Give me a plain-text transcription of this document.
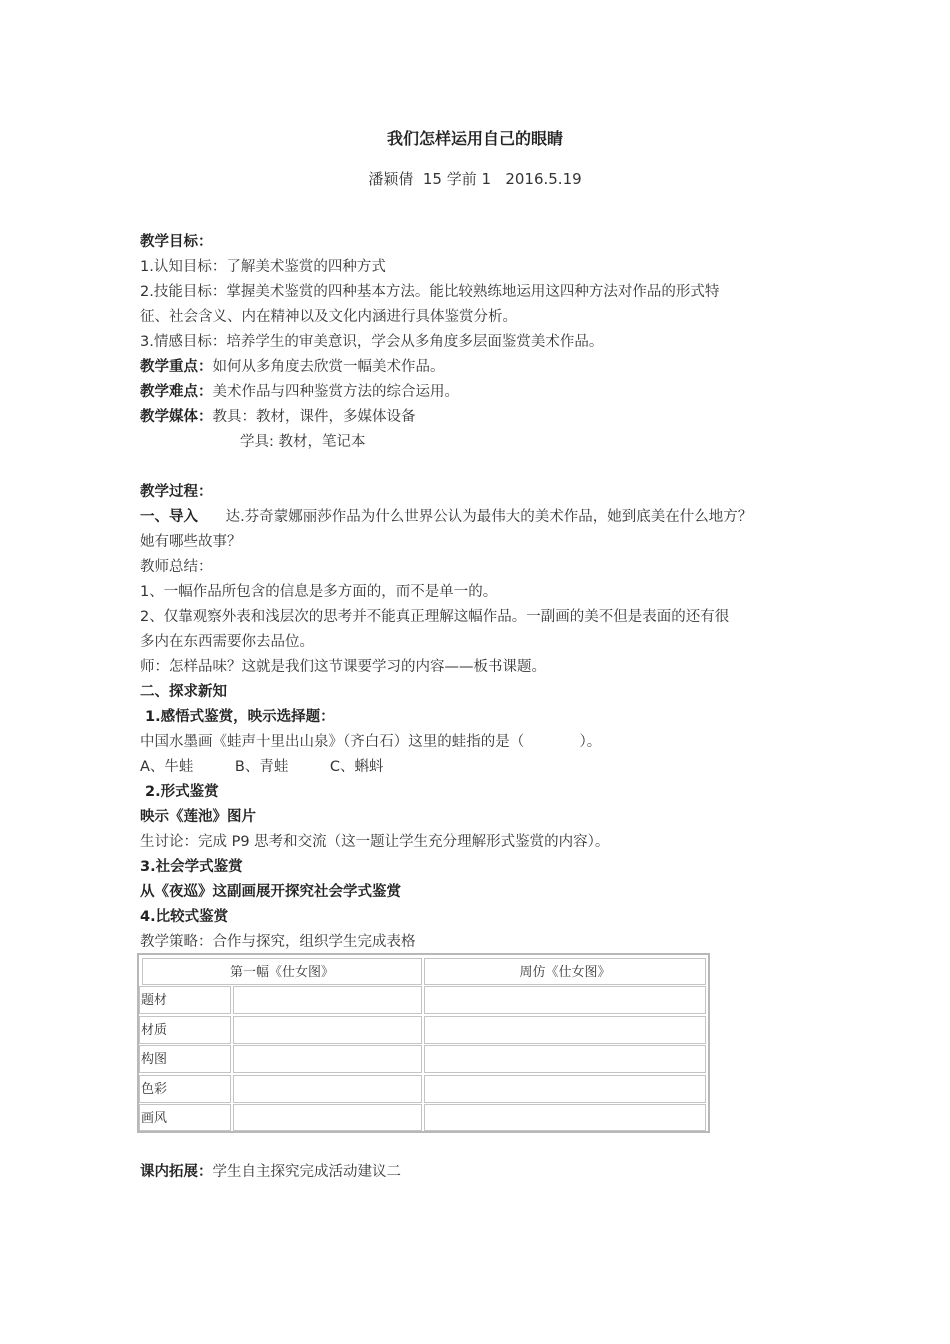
我们怎样运用自己的眼睛
潘颖倩  15 学前 1   2016.5.19
教学目标：
1.认知目标：了解美术鉴赏的四种方式
2.技能目标：掌握美术鉴赏的四种基本方法。能比较熟练地运用这四种方法对作品的形式特
征、社会含义、内在精神以及文化内涵进行具体鉴赏分析。
3.情感目标：培养学生的审美意识，学会从多角度多层面鉴赏美术作品。
教学重点：如何从多角度去欣赏一幅美术作品。
教学难点：美术作品与四种鉴赏方法的综合运用。
教学媒体：教具：教材，课件，多媒体设备
学具: 教材，笔记本
教学过程：
一、导入      达.芬奇蒙娜丽莎作品为什么世界公认为最伟大的美术作品，她到底美在什么地方？
她有哪些故事？
教师总结：
1、一幅作品所包含的信息是多方面的，而不是单一的。
2、仅靠观察外表和浅层次的思考并不能真正理解这幅作品。一副画的美不但是表面的还有很
多内在东西需要你去品位。
师：怎样品味？这就是我们这节课要学习的内容——板书课题。
二、探求新知
1.感悟式鉴赏，映示选择题：
中国水墨画《蛙声十里出山泉》（齐白石）这里的蛙指的是（            ）。
A、牛蛙         B、青蛙         C、蝌蚪
2.形式鉴赏
映示《莲池》图片
生讨论：完成 P9 思考和交流（这一题让学生充分理解形式鉴赏的内容）。
3.社会学式鉴赏
从《夜巡》这副画展开探究社会学式鉴赏
4.比较式鉴赏
教学策略：合作与探究，组织学生完成表格
第一幅《仕女图》	周仿《仕女图》
题材
材质
构图
色彩
画风
课内拓展：学生自主探究完成活动建议二
